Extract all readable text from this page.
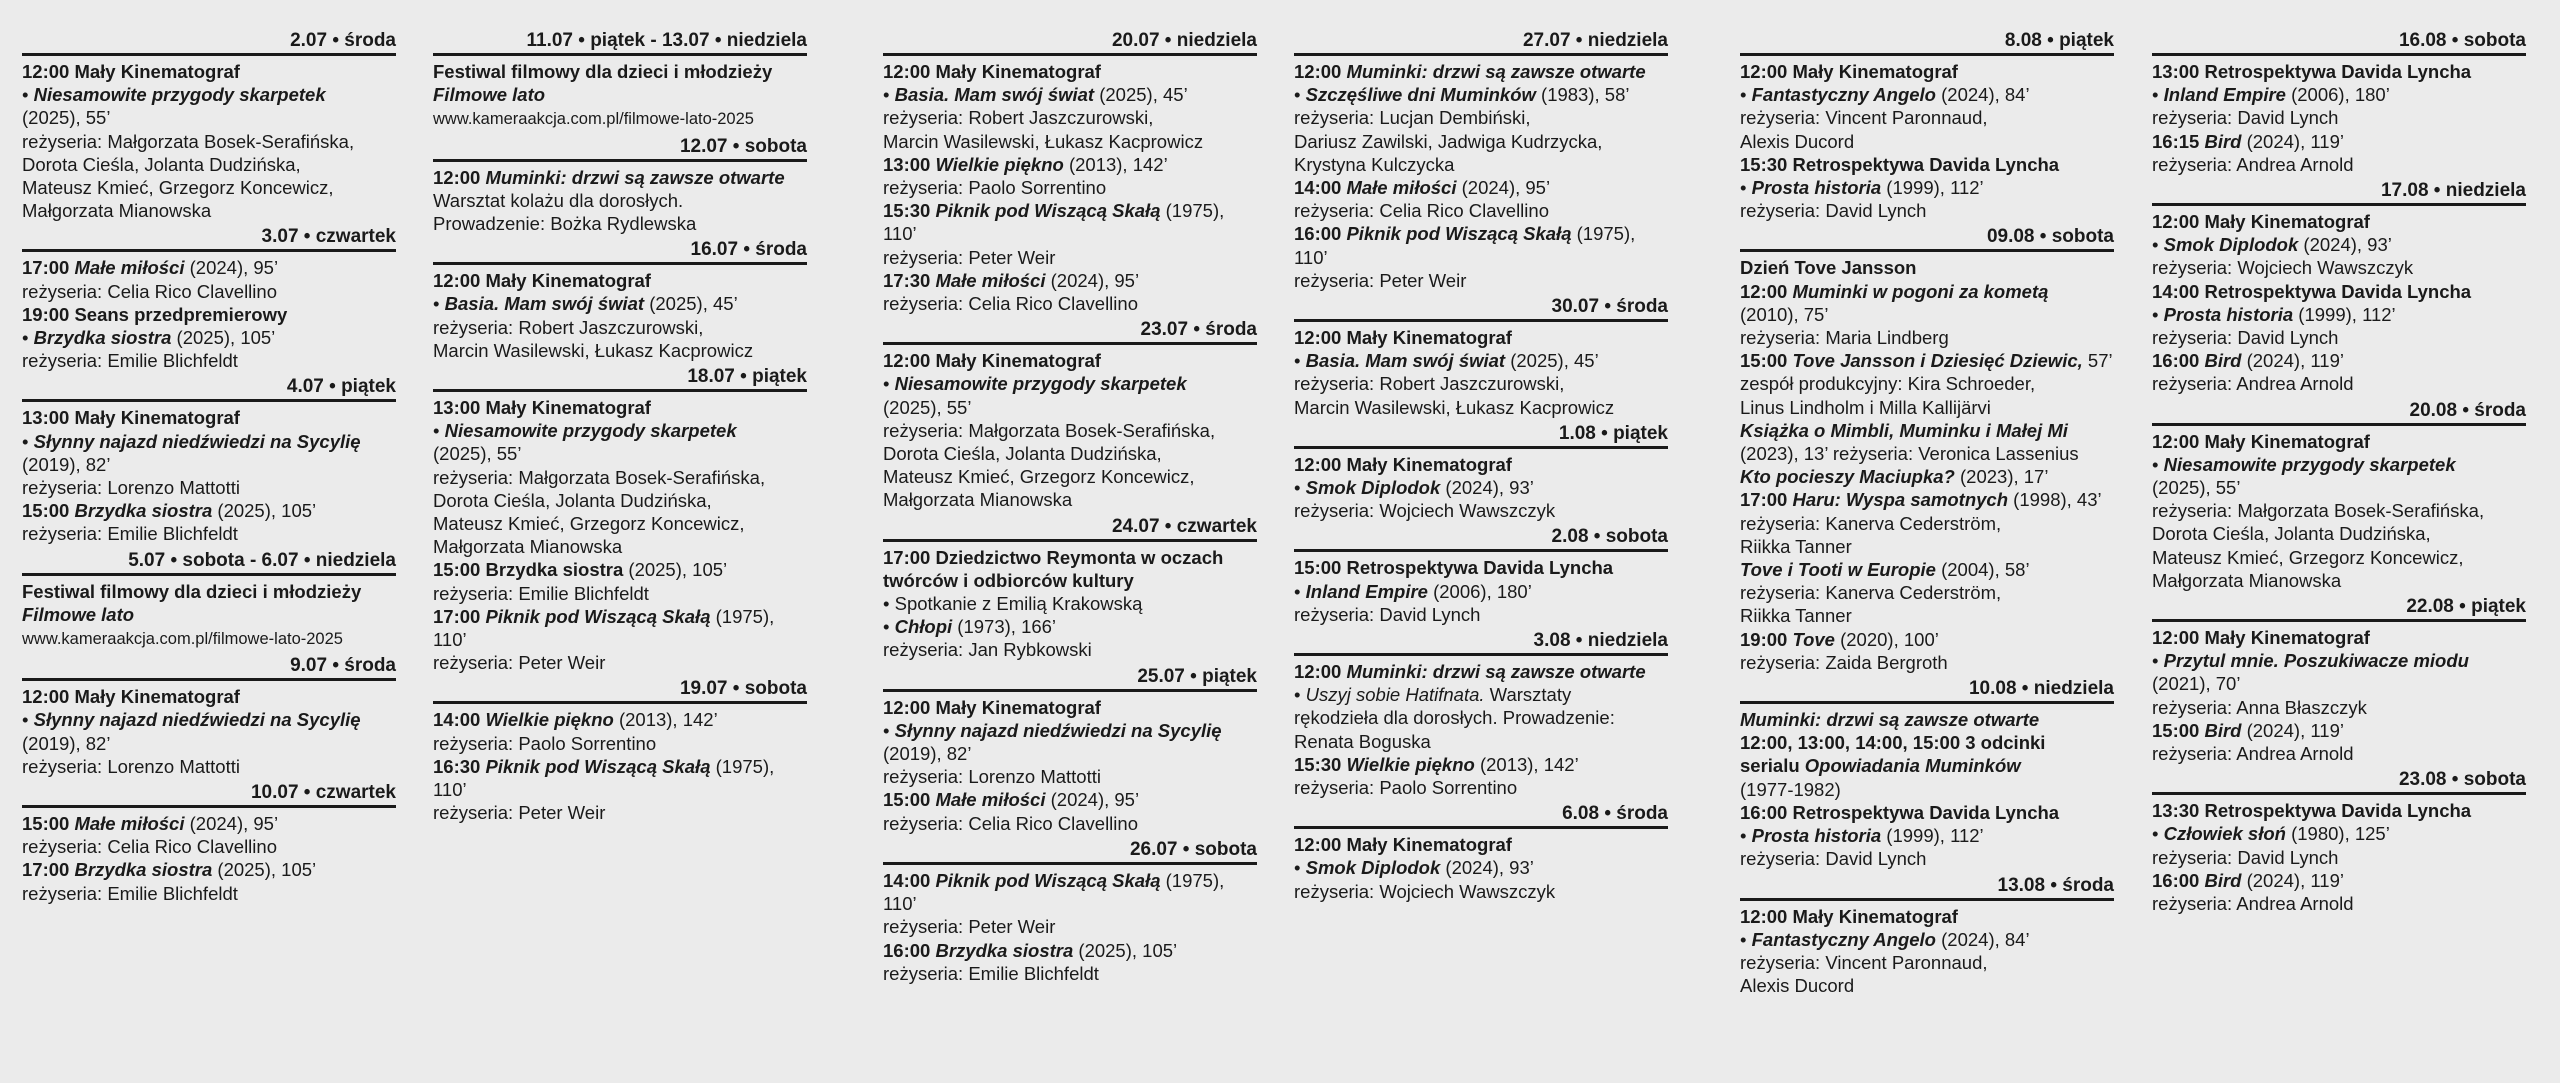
2.07 • środa
12:00 Mały Kinematograf
• Niesamowite przygody skarpetek
(2025), 55’
reżyseria: Małgorzata Bosek-Serafińska,
Dorota Cieśla, Jolanta Dudzińska,
Mateusz Kmieć, Grzegorz Koncewicz,
Małgorzata Mianowska
3.07 • czwartek
17:00 Małe miłości (2024), 95’
reżyseria: Celia Rico Clavellino
19:00 Seans przedpremierowy
• Brzydka siostra (2025), 105’
reżyseria: Emilie Blichfeldt
4.07 • piątek
13:00 Mały Kinematograf
• Słynny najazd niedźwiedzi na Sycylię
(2019), 82’
reżyseria: Lorenzo Mattotti
15:00 Brzydka siostra (2025), 105’
reżyseria: Emilie Blichfeldt
5.07 • sobota - 6.07 • niedziela
Festiwal filmowy dla dzieci i młodzieży
Filmowe lato
www.kameraakcja.com.pl/filmowe-lato-2025
9.07 • środa
12:00 Mały Kinematograf
• Słynny najazd niedźwiedzi na Sycylię
(2019), 82’
reżyseria: Lorenzo Mattotti
10.07 • czwartek
15:00 Małe miłości (2024), 95’
reżyseria: Celia Rico Clavellino
17:00 Brzydka siostra (2025), 105’
reżyseria: Emilie Blichfeldt
11.07 • piątek - 13.07 • niedziela
Festiwal filmowy dla dzieci i młodzieży
Filmowe lato
www.kameraakcja.com.pl/filmowe-lato-2025
12.07 • sobota
12:00 Muminki: drzwi są zawsze otwarte
Warsztat kolażu dla dorosłych.
Prowadzenie: Bożka Rydlewska
16.07 • środa
12:00 Mały Kinematograf
• Basia. Mam swój świat (2025), 45’
reżyseria: Robert Jaszczurowski,
Marcin Wasilewski, Łukasz Kacprowicz
18.07 • piątek
13:00 Mały Kinematograf
• Niesamowite przygody skarpetek
(2025), 55’
reżyseria: Małgorzata Bosek-Serafińska,
Dorota Cieśla, Jolanta Dudzińska,
Mateusz Kmieć, Grzegorz Koncewicz,
Małgorzata Mianowska
15:00 Brzydka siostra (2025), 105’
reżyseria: Emilie Blichfeldt
17:00 Piknik pod Wiszącą Skałą (1975),
110’
reżyseria: Peter Weir
19.07 • sobota
14:00 Wielkie piękno (2013), 142’
reżyseria: Paolo Sorrentino
16:30 Piknik pod Wiszącą Skałą (1975),
110’
reżyseria: Peter Weir
20.07 • niedziela
12:00 Mały Kinematograf
• Basia. Mam swój świat (2025), 45’
reżyseria: Robert Jaszczurowski,
Marcin Wasilewski, Łukasz Kacprowicz
13:00 Wielkie piękno (2013), 142’
reżyseria: Paolo Sorrentino
15:30 Piknik pod Wiszącą Skałą (1975),
110’
reżyseria: Peter Weir
17:30 Małe miłości (2024), 95’
reżyseria: Celia Rico Clavellino
23.07 • środa
12:00 Mały Kinematograf
• Niesamowite przygody skarpetek
(2025), 55’
reżyseria: Małgorzata Bosek-Serafińska,
Dorota Cieśla, Jolanta Dudzińska,
Mateusz Kmieć, Grzegorz Koncewicz,
Małgorzata Mianowska
24.07 • czwartek
17:00 Dziedzictwo Reymonta w oczach
twórców i odbiorców kultury
• Spotkanie z Emilią Krakowską
• Chłopi (1973), 166’
reżyseria: Jan Rybkowski
25.07 • piątek
12:00 Mały Kinematograf
• Słynny najazd niedźwiedzi na Sycylię
(2019), 82’
reżyseria: Lorenzo Mattotti
15:00 Małe miłości (2024), 95’
reżyseria: Celia Rico Clavellino
26.07 • sobota
14:00 Piknik pod Wiszącą Skałą (1975),
110’
reżyseria: Peter Weir
16:00 Brzydka siostra (2025), 105’
reżyseria: Emilie Blichfeldt
27.07 • niedziela
12:00 Muminki: drzwi są zawsze otwarte
• Szczęśliwe dni Muminków (1983), 58’
reżyseria: Lucjan Dembiński,
Dariusz Zawilski, Jadwiga Kudrzycka,
Krystyna Kulczycka
14:00 Małe miłości (2024), 95’
reżyseria: Celia Rico Clavellino
16:00 Piknik pod Wiszącą Skałą (1975),
110’
reżyseria: Peter Weir
30.07 • środa
12:00 Mały Kinematograf
• Basia. Mam swój świat (2025), 45’
reżyseria: Robert Jaszczurowski,
Marcin Wasilewski, Łukasz Kacprowicz
1.08 • piątek
12:00 Mały Kinematograf
• Smok Diplodok (2024), 93’
reżyseria: Wojciech Wawszczyk
2.08 • sobota
15:00 Retrospektywa Davida Lyncha
• Inland Empire (2006), 180’
reżyseria: David Lynch
3.08 • niedziela
12:00 Muminki: drzwi są zawsze otwarte
• Uszyj sobie Hatifnata. Warsztaty
rękodzieła dla dorosłych. Prowadzenie:
Renata Boguska
15:30 Wielkie piękno (2013), 142’
reżyseria: Paolo Sorrentino
6.08 • środa
12:00 Mały Kinematograf
• Smok Diplodok (2024), 93’
reżyseria: Wojciech Wawszczyk
8.08 • piątek
12:00 Mały Kinematograf
• Fantastyczny Angelo (2024), 84’
reżyseria: Vincent Paronnaud,
Alexis Ducord
15:30 Retrospektywa Davida Lyncha
• Prosta historia (1999), 112’
reżyseria: David Lynch
09.08 • sobota
Dzień Tove Jansson
12:00 Muminki w pogoni za kometą
(2010), 75’
reżyseria: Maria Lindberg
15:00 Tove Jansson i Dziesięć Dziewic, 57’
zespół produkcyjny: Kira Schroeder,
Linus Lindholm i Milla Kallijärvi
Książka o Mimbli, Muminku i Małej Mi
(2023), 13’ reżyseria: Veronica Lassenius
Kto pocieszy Maciupka? (2023), 17’
17:00 Haru: Wyspa samotnych (1998), 43’
reżyseria: Kanerva Cederström,
Riikka Tanner
Tove i Tooti w Europie (2004), 58’
reżyseria: Kanerva Cederström,
Riikka Tanner
19:00 Tove (2020), 100’
reżyseria: Zaida Bergroth
10.08 • niedziela
Muminki: drzwi są zawsze otwarte
12:00, 13:00, 14:00, 15:00 3 odcinki
serialu Opowiadania Muminków
(1977-1982)
16:00 Retrospektywa Davida Lyncha
• Prosta historia (1999), 112’
reżyseria: David Lynch
13.08 • środa
12:00 Mały Kinematograf
• Fantastyczny Angelo (2024), 84’
reżyseria: Vincent Paronnaud,
Alexis Ducord
16.08 • sobota
13:00 Retrospektywa Davida Lyncha
• Inland Empire (2006), 180’
reżyseria: David Lynch
16:15 Bird (2024), 119’
reżyseria: Andrea Arnold
17.08 • niedziela
12:00 Mały Kinematograf
• Smok Diplodok (2024), 93’
reżyseria: Wojciech Wawszczyk
14:00 Retrospektywa Davida Lyncha
• Prosta historia (1999), 112’
reżyseria: David Lynch
16:00 Bird (2024), 119’
reżyseria: Andrea Arnold
20.08 • środa
12:00 Mały Kinematograf
• Niesamowite przygody skarpetek
(2025), 55’
reżyseria: Małgorzata Bosek-Serafińska,
Dorota Cieśla, Jolanta Dudzińska,
Mateusz Kmieć, Grzegorz Koncewicz,
Małgorzata Mianowska
22.08 • piątek
12:00 Mały Kinematograf
• Przytul mnie. Poszukiwacze miodu
(2021), 70’
reżyseria: Anna Błaszczyk
15:00 Bird (2024), 119’
reżyseria: Andrea Arnold
23.08 • sobota
13:30 Retrospektywa Davida Lyncha
• Człowiek słoń (1980), 125’
reżyseria: David Lynch
16:00 Bird (2024), 119’
reżyseria: Andrea Arnold
